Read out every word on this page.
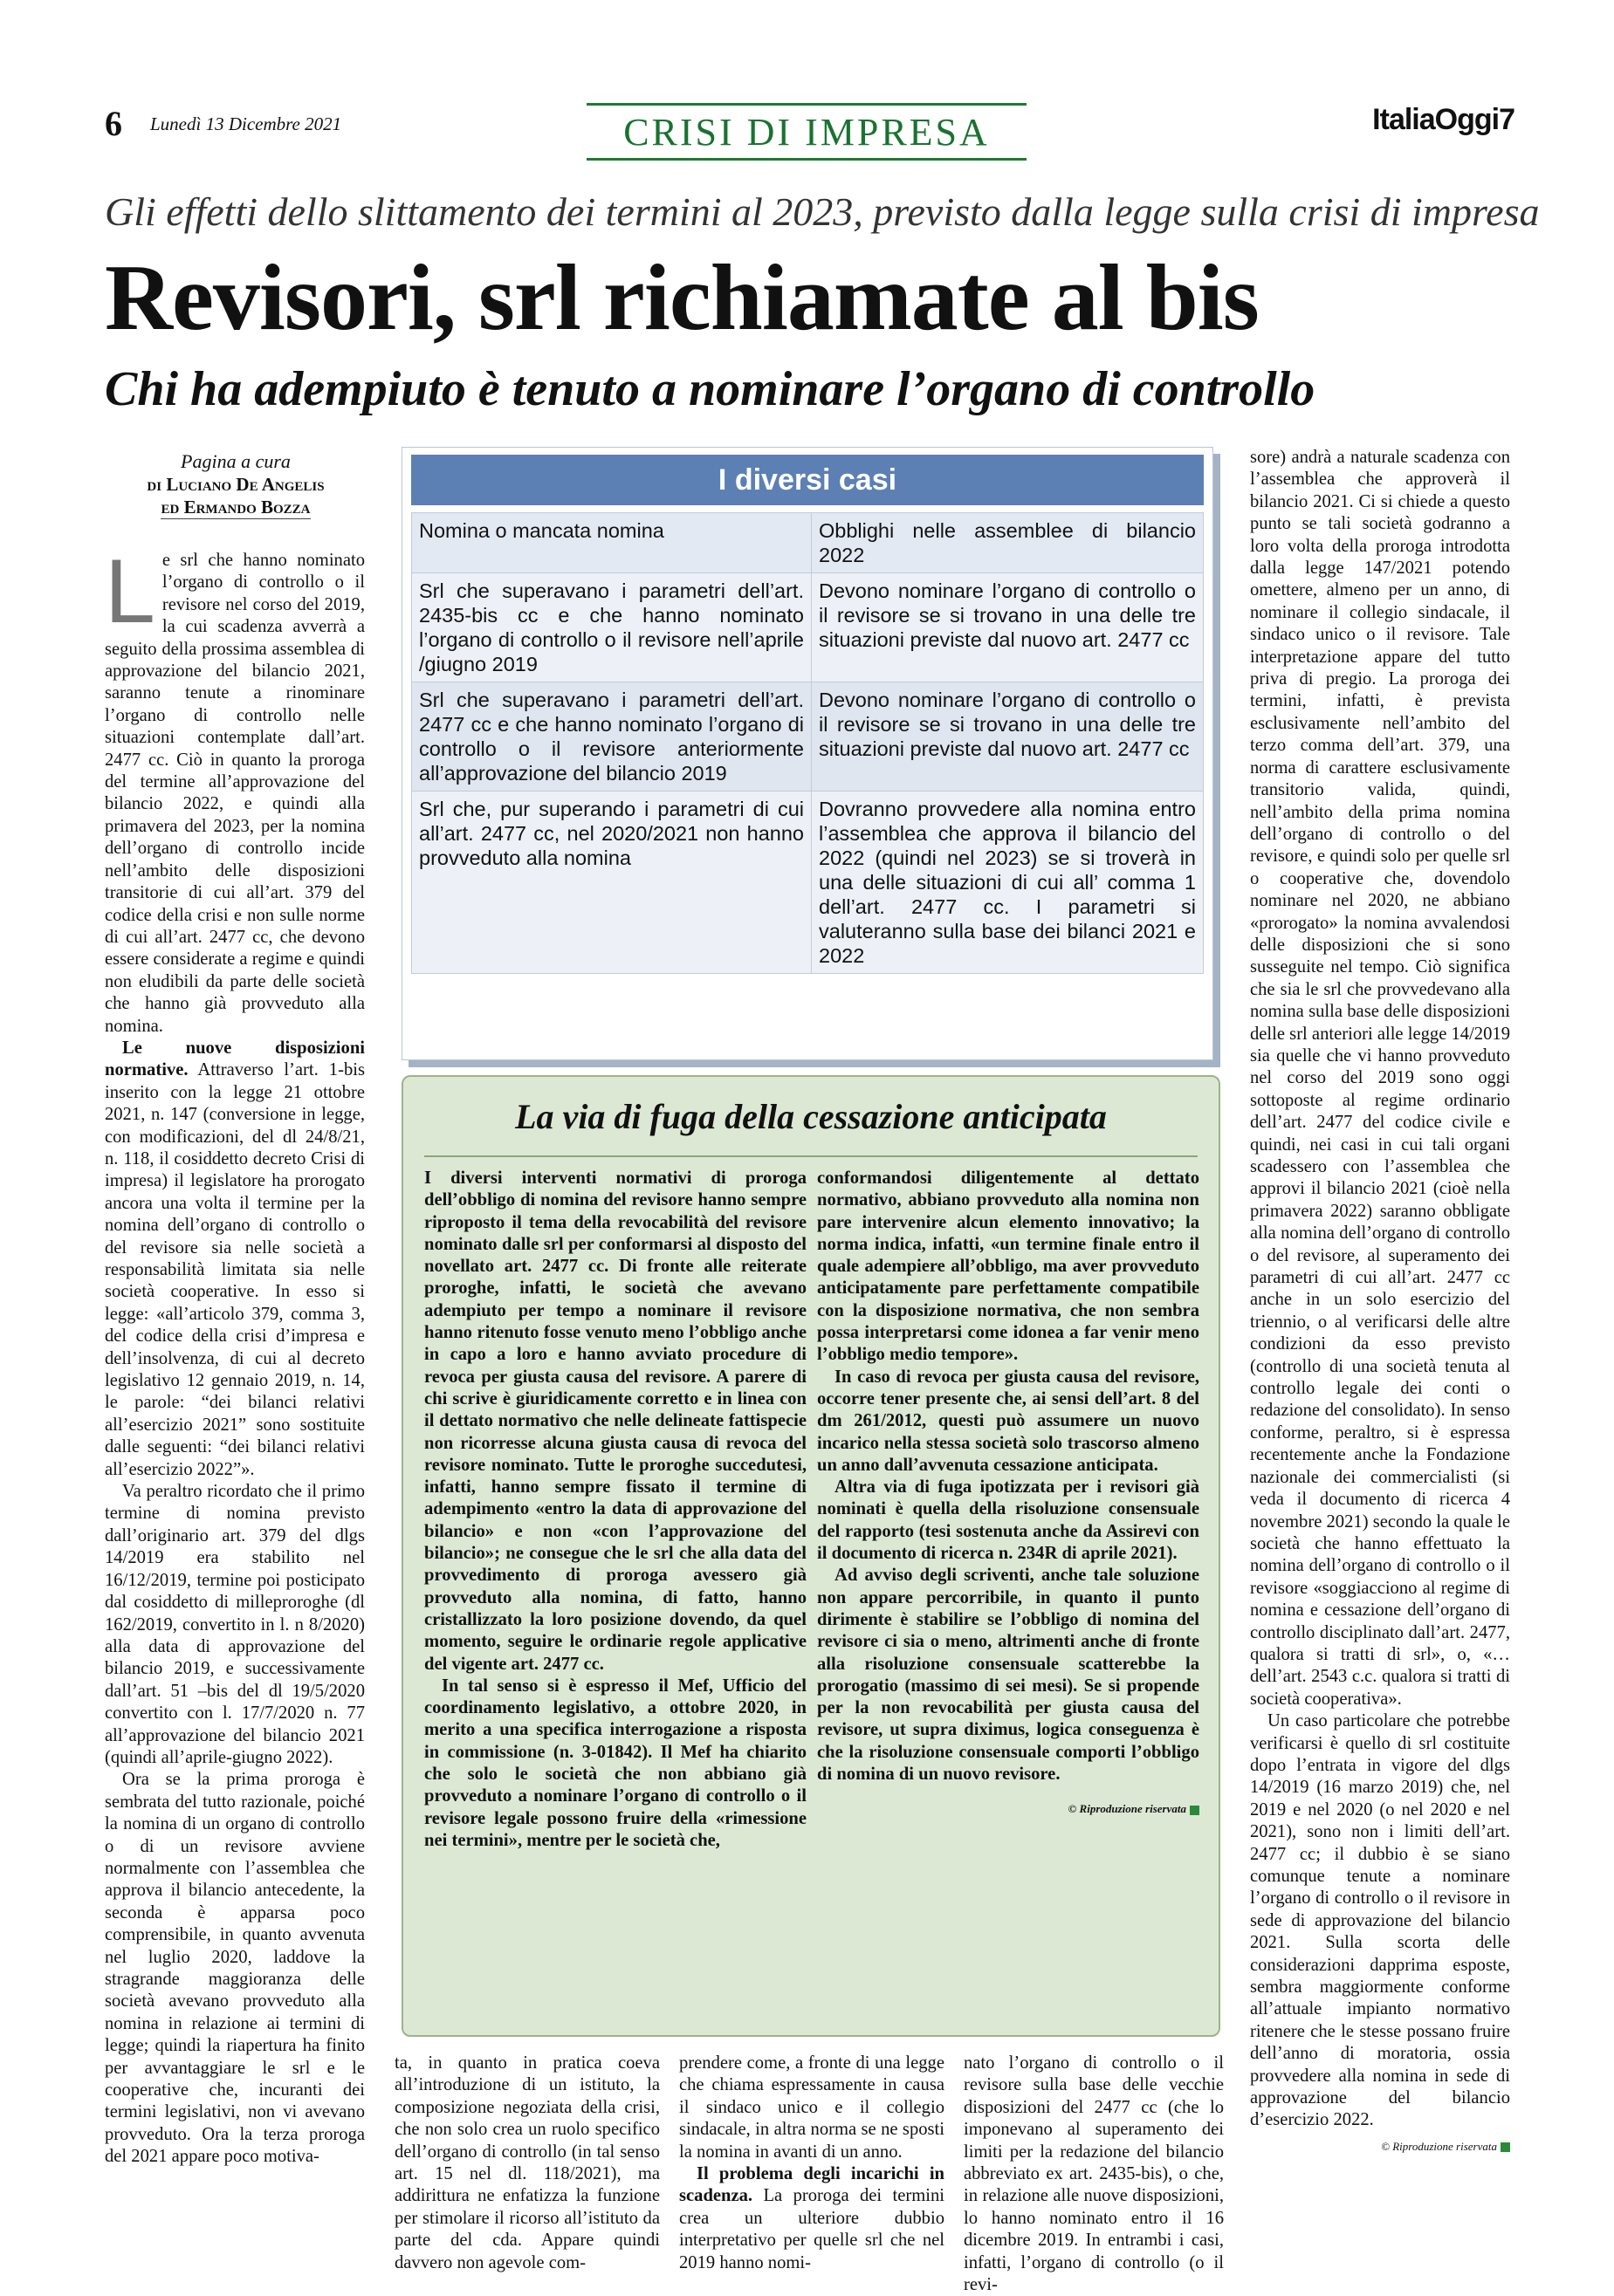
6 Lunedì 13 Dicembre 2021	CRISI DI IMPRESA	ItaliaOggi7
Gli effetti dello slittamento dei termini al 2023, previsto dalla legge sulla crisi di impresa
Revisori, srl richiamate al bis
Chi ha adempiuto è tenuto a nominare l’organo di controllo
Pagina a cura
di Luciano De Angelis
ed Ermando Bozza

Le srl che hanno nominato l’organo di controllo o il revisore nel corso del 2019, la cui scadenza avverrà a seguito della prossima assemblea di approvazione del bilancio 2021, saranno tenute a rinominare l’organo di controllo nelle situazioni contemplate dall’art. 2477 cc. Ciò in quanto la proroga del termine all’approvazione del bilancio 2022, e quindi alla primavera del 2023, per la nomina dell’organo di controllo incide nell’ambito delle disposizioni transitorie di cui all’art. 379 del codice della crisi e non sulle norme di cui all’art. 2477 cc, che devono essere considerate a regime e quindi non eludibili da parte delle società che hanno già provveduto alla nomina.

Le nuove disposizioni normative. Attraverso l’art. 1-bis inserito con la legge 21 ottobre 2021, n. 147 (conversione in legge, con modificazioni, del dl 24/8/21, n. 118, il cosiddetto decreto Crisi di impresa) il legislatore ha prorogato ancora una volta il termine per la nomina dell’organo di controllo o del revisore sia nelle società a responsabilità limitata sia nelle società cooperative. In esso si legge: «all’articolo 379, comma 3, del codice della crisi d’impresa e dell’insolvenza, di cui al decreto legislativo 12 gennaio 2019, n. 14, le parole: “dei bilanci relativi all’esercizio 2021” sono sostituite dalle seguenti: “dei bilanci relativi all’esercizio 2022”».

Va peraltro ricordato che il primo termine di nomina previsto dall’originario art. 379 del dlgs 14/2019 era stabilito nel 16/12/2019, termine poi posticipato dal cosiddetto di milleproroghe (dl 162/2019, convertito in l. n 8/2020) alla data di approvazione del bilancio 2019, e successivamente dall’art. 51 –bis del dl 19/5/2020 convertito con l. 17/7/2020 n. 77 all’approvazione del bilancio 2021 (quindi all’aprile-giugno 2022).

Ora se la prima proroga è sembrata del tutto razionale, poiché la nomina di un organo di controllo o di un revisore avviene normalmente con l’assemblea che approva il bilancio antecedente, la seconda è apparsa poco comprensibile, in quanto avvenuta nel luglio 2020, laddove la stragrande maggioranza delle società avevano provveduto alla nomina in relazione ai termini di legge; quindi la riapertura ha finito per avvantaggiare le srl e le cooperative che, incuranti dei termini legislativi, non vi avevano provveduto. Ora la terza proroga del 2021 appare poco motiva-

I diversi casi
Nomina o mancata nomina	Obblighi nelle assemblee di bilancio 2022
Srl che superavano i parametri dell’art. 2435-bis cc e che hanno nominato l’organo di controllo o il revisore nell’aprile /giugno 2019	Devono nominare l’organo di controllo o il revisore se si trovano in una delle tre situazioni previste dal nuovo art. 2477 cc
Srl che superavano i parametri dell’art. 2477 cc e che hanno nominato l’organo di controllo o il revisore anteriormente all’approvazione del bilancio 2019	Devono nominare l’organo di controllo o il revisore se si trovano in una delle tre situazioni previste dal nuovo art. 2477 cc
Srl che, pur superando i parametri di cui all’art. 2477 cc, nel 2020/2021 non hanno provveduto alla nomina	Dovranno provvedere alla nomina entro l’assemblea che approva il bilancio del 2022 (quindi nel 2023) se si troverà in una delle situazioni di cui all’ comma 1 dell’art. 2477 cc. I parametri si valuteranno sulla base dei bilanci 2021 e 2022
La via di fuga della cessazione anticipata

I diversi interventi normativi di proroga dell’obbligo di nomina del revisore hanno sempre riproposto il tema della revocabilità del revisore nominato dalle srl per conformarsi al disposto del novellato art. 2477 cc. Di fronte alle reiterate proroghe, infatti, le società che avevano adempiuto per tempo a nominare il revisore hanno ritenuto fosse venuto meno l’obbligo anche in capo a loro e hanno avviato procedure di revoca per giusta causa del revisore. A parere di chi scrive è giuridicamente corretto e in linea con il dettato normativo che nelle delineate fattispecie non ricorresse alcuna giusta causa di revoca del revisore nominato. Tutte le proroghe succedutesi, infatti, hanno sempre fissato il termine di adempimento «entro la data di approvazione del bilancio» e non «con l’approvazione del bilancio»; ne consegue che le srl che alla data del provvedimento di proroga avessero già provveduto alla nomina, di fatto, hanno cristallizzato la loro posizione dovendo, da quel momento, seguire le ordinarie regole applicative del vigente art. 2477 cc.

In tal senso si è espresso il Mef, Ufficio del coordinamento legislativo, a ottobre 2020, in merito a una specifica interrogazione a risposta in commissione (n. 3-01842). Il Mef ha chiarito che solo le società che non abbiano già provveduto a nominare l’organo di controllo o il revisore legale possono fruire della «rimessione nei termini», mentre per le società che,

conformandosi diligentemente al dettato normativo, abbiano provveduto alla nomina non pare intervenire alcun elemento innovativo; la norma indica, infatti, «un termine finale entro il quale adempiere all’obbligo, ma aver provveduto anticipatamente pare perfettamente compatibile con la disposizione normativa, che non sembra possa interpretarsi come idonea a far venir meno l’obbligo medio tempore».

In caso di revoca per giusta causa del revisore, occorre tener presente che, ai sensi dell’art. 8 del dm 261/2012, questi può assumere un nuovo incarico nella stessa società solo trascorso almeno un anno dall’avvenuta cessazione anticipata.

Altra via di fuga ipotizzata per i revisori già nominati è quella della risoluzione consensuale del rapporto (tesi sostenuta anche da Assirevi con il documento di ricerca n. 234R di aprile 2021).

Ad avviso degli scriventi, anche tale soluzione non appare percorribile, in quanto il punto dirimente è stabilire se l’obbligo di nomina del revisore ci sia o meno, altrimenti anche di fronte alla risoluzione consensuale scatterebbe la prorogatio (massimo di sei mesi). Se si propende per la non revocabilità per giusta causa del revisore, ut supra diximus, logica conseguenza è che la risoluzione consensuale comporti l’obbligo di nomina di un nuovo revisore.

© Riproduzione riservata

ta, in quanto in pratica coeva all’introduzione di un istituto, la composizione negoziata della crisi, che non solo crea un ruolo specifico dell’organo di controllo (in tal senso art. 15 nel dl. 118/2021), ma addirittura ne enfatizza la funzione per stimolare il ricorso all’istituto da parte del cda. Appare quindi davvero non agevole com-

prendere come, a fronte di una legge che chiama espressamente in causa il sindaco unico e il collegio sindacale, in altra norma se ne sposti la nomina in avanti di un anno.

Il problema degli incarichi in scadenza. La proroga dei termini crea un ulteriore dubbio interpretativo per quelle srl che nel 2019 hanno nomi-

nato l’organo di controllo o il revisore sulla base delle vecchie disposizioni del 2477 cc (che lo imponevano al superamento dei limiti per la redazione del bilancio abbreviato ex art. 2435-bis), o che, in relazione alle nuove disposizioni, lo hanno nominato entro il 16 dicembre 2019. In entrambi i casi, infatti, l’organo di controllo (o il revi-

sore) andrà a naturale scadenza con l’assemblea che approverà il bilancio 2021. Ci si chiede a questo punto se tali società godranno a loro volta della proroga introdotta dalla legge 147/2021 potendo omettere, almeno per un anno, di nominare il collegio sindacale, il sindaco unico o il revisore. Tale interpretazione appare del tutto priva di pregio. La proroga dei termini, infatti, è prevista esclusivamente nell’ambito del terzo comma dell’art. 379, una norma di carattere esclusivamente transitorio valida, quindi, nell’ambito della prima nomina dell’organo di controllo o del revisore, e quindi solo per quelle srl o cooperative che, dovendolo nominare nel 2020, ne abbiano «prorogato» la nomina avvalendosi delle disposizioni che si sono susseguite nel tempo. Ciò significa che sia le srl che provvedevano alla nomina sulla base delle disposizioni delle srl anteriori alle legge 14/2019 sia quelle che vi hanno provveduto nel corso del 2019 sono oggi sottoposte al regime ordinario dell’art. 2477 del codice civile e quindi, nei casi in cui tali organi scadessero con l’assemblea che approvi il bilancio 2021 (cioè nella primavera 2022) saranno obbligate alla nomina dell’organo di controllo o del revisore, al superamento dei parametri di cui all’art. 2477 cc anche in un solo esercizio del triennio, o al verificarsi delle altre condizioni da esso previsto (controllo di una società tenuta al controllo legale dei conti o redazione del consolidato). In senso conforme, peraltro, si è espressa recentemente anche la Fondazione nazionale dei commercialisti (si veda il documento di ricerca 4 novembre 2021) secondo la quale le società che hanno effettuato la nomina dell’organo di controllo o il revisore «soggiacciono al regime di nomina e cessazione dell’organo di controllo disciplinato dall’art. 2477, qualora si tratti di srl», o, «…dell’art. 2543 c.c. qualora si tratti di società cooperativa».

Un caso particolare che potrebbe verificarsi è quello di srl costituite dopo l’entrata in vigore del dlgs 14/2019 (16 marzo 2019) che, nel 2019 e nel 2020 (o nel 2020 e nel 2021), sono non i limiti dell’art. 2477 cc; il dubbio è se siano comunque tenute a nominare l’organo di controllo o il revisore in sede di approvazione del bilancio 2021. Sulla scorta delle considerazioni dapprima esposte, sembra maggiormente conforme all’attuale impianto normativo ritenere che le stesse possano fruire dell’anno di moratoria, ossia provvedere alla nomina in sede di approvazione del bilancio d’esercizio 2022.

© Riproduzione riservata
